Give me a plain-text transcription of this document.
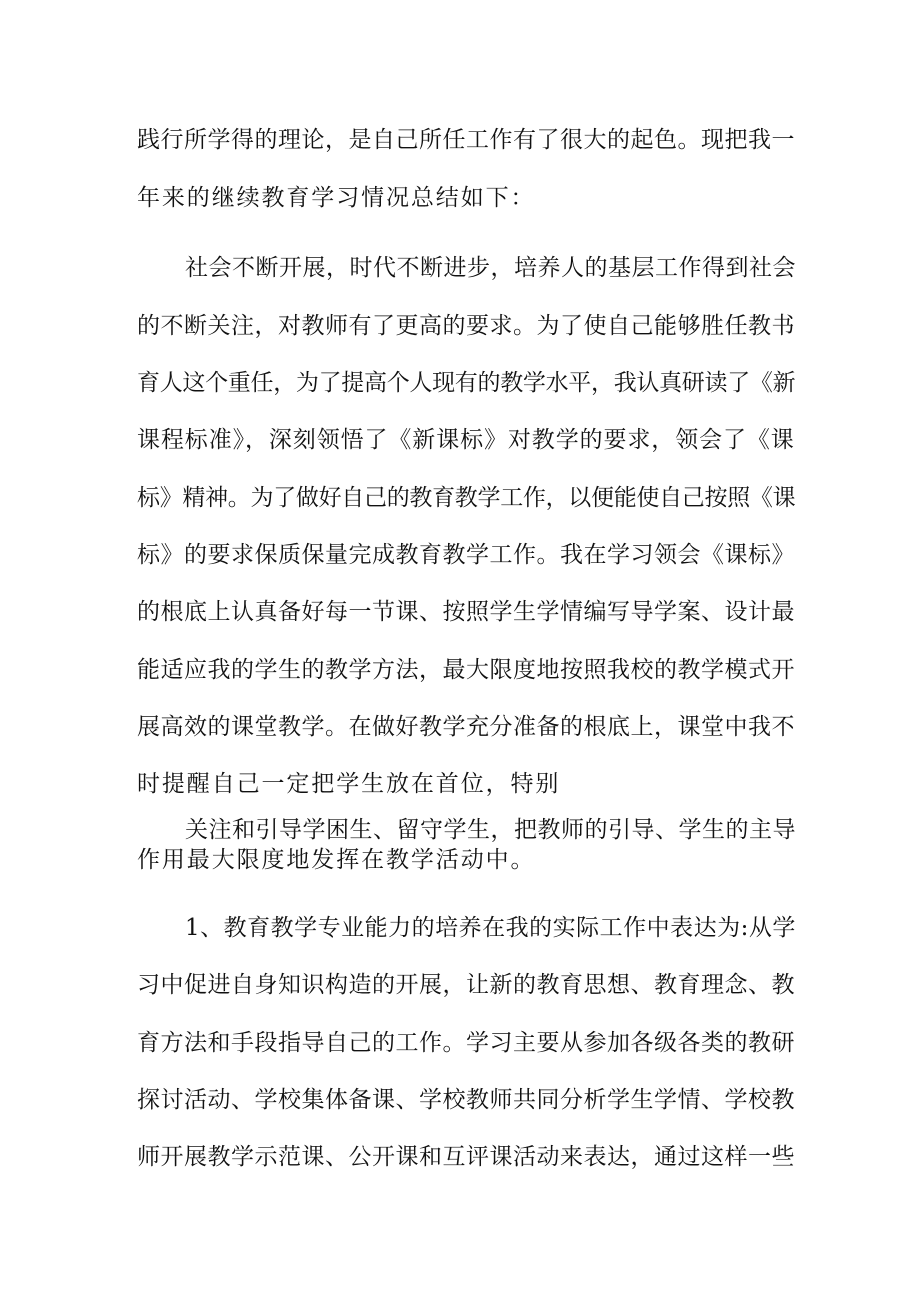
践行所学得的理论，是自己所任工作有了很大的起色。现把我一

年来的继续教育学习情况总结如下：

社会不断开展，时代不断进步，培养人的基层工作得到社会

的不断关注，对教师有了更高的要求。为了使自己能够胜任教书

育人这个重任，为了提高个人现有的教学水平，我认真研读了《新

课程标准》，深刻领悟了《新课标》对教学的要求，领会了《课

标》精神。为了做好自己的教育教学工作，以便能使自己按照《课

标》的要求保质保量完成教育教学工作。我在学习领会《课标》

的根底上认真备好每一节课、按照学生学情编写导学案、设计最

能适应我的学生的教学方法，最大限度地按照我校的教学模式开

展高效的课堂教学。在做好教学充分准备的根底上，课堂中我不

时提醒自己一定把学生放在首位，特别

关注和引导学困生、留守学生，把教师的引导、学生的主导

作用最大限度地发挥在教学活动中。

1、教育教学专业能力的培养在我的实际工作中表达为:从学

习中促进自身知识构造的开展，让新的教育思想、教育理念、教

育方法和手段指导自己的工作。学习主要从参加各级各类的教研

探讨活动、学校集体备课、学校教师共同分析学生学情、学校教

师开展教学示范课、公开课和互评课活动来表达，通过这样一些
